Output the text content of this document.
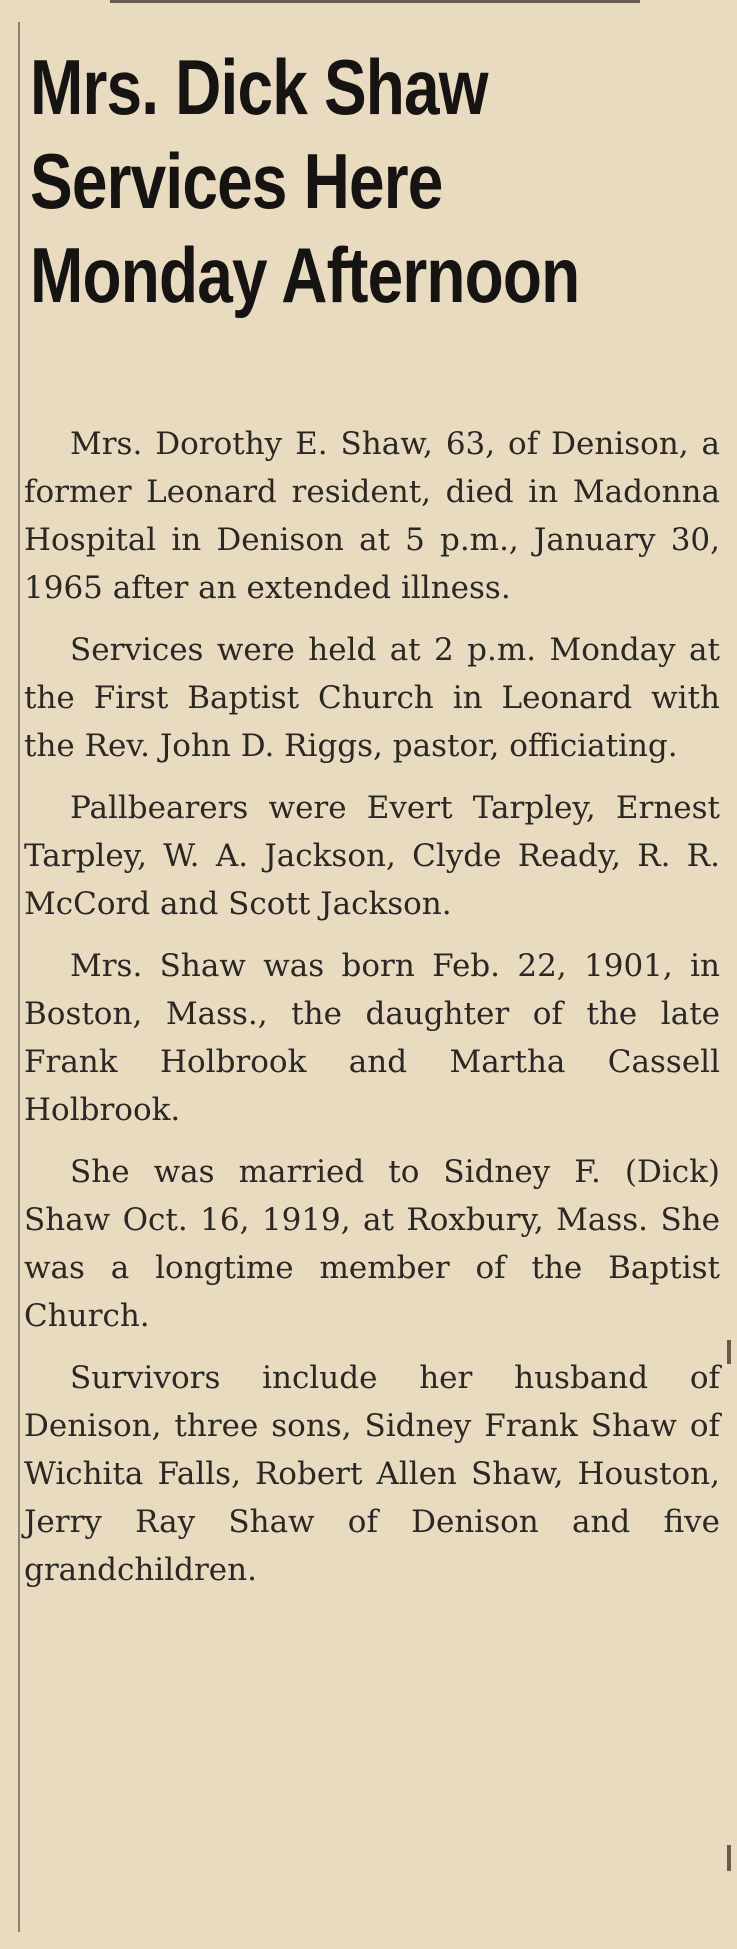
Mrs. Dick Shaw
Services Here
Monday Afternoon

Mrs. Dorothy E. Shaw, 63, of Denison, a former Leonard resident, died in Madonna Hospital in Denison at 5 p.m., January 30, 1965 after an extended illness.

Services were held at 2 p.m. Monday at the First Baptist Church in Leonard with the Rev. John D. Riggs, pastor, officiating.

Pallbearers were Evert Tarpley, Ernest Tarpley, W. A. Jackson, Clyde Ready, R. R. McCord and Scott Jackson.

Mrs. Shaw was born Feb. 22, 1901, in Boston, Mass., the daughter of the late Frank Holbrook and Martha Cassell Holbrook.

She was married to Sidney F. (Dick) Shaw Oct. 16, 1919, at Roxbury, Mass. She was a longtime member of the Baptist Church.

Survivors include her husband of Denison, three sons, Sidney Frank Shaw of Wichita Falls, Robert Allen Shaw, Houston, Jerry Ray Shaw of Denison and five grandchildren.
